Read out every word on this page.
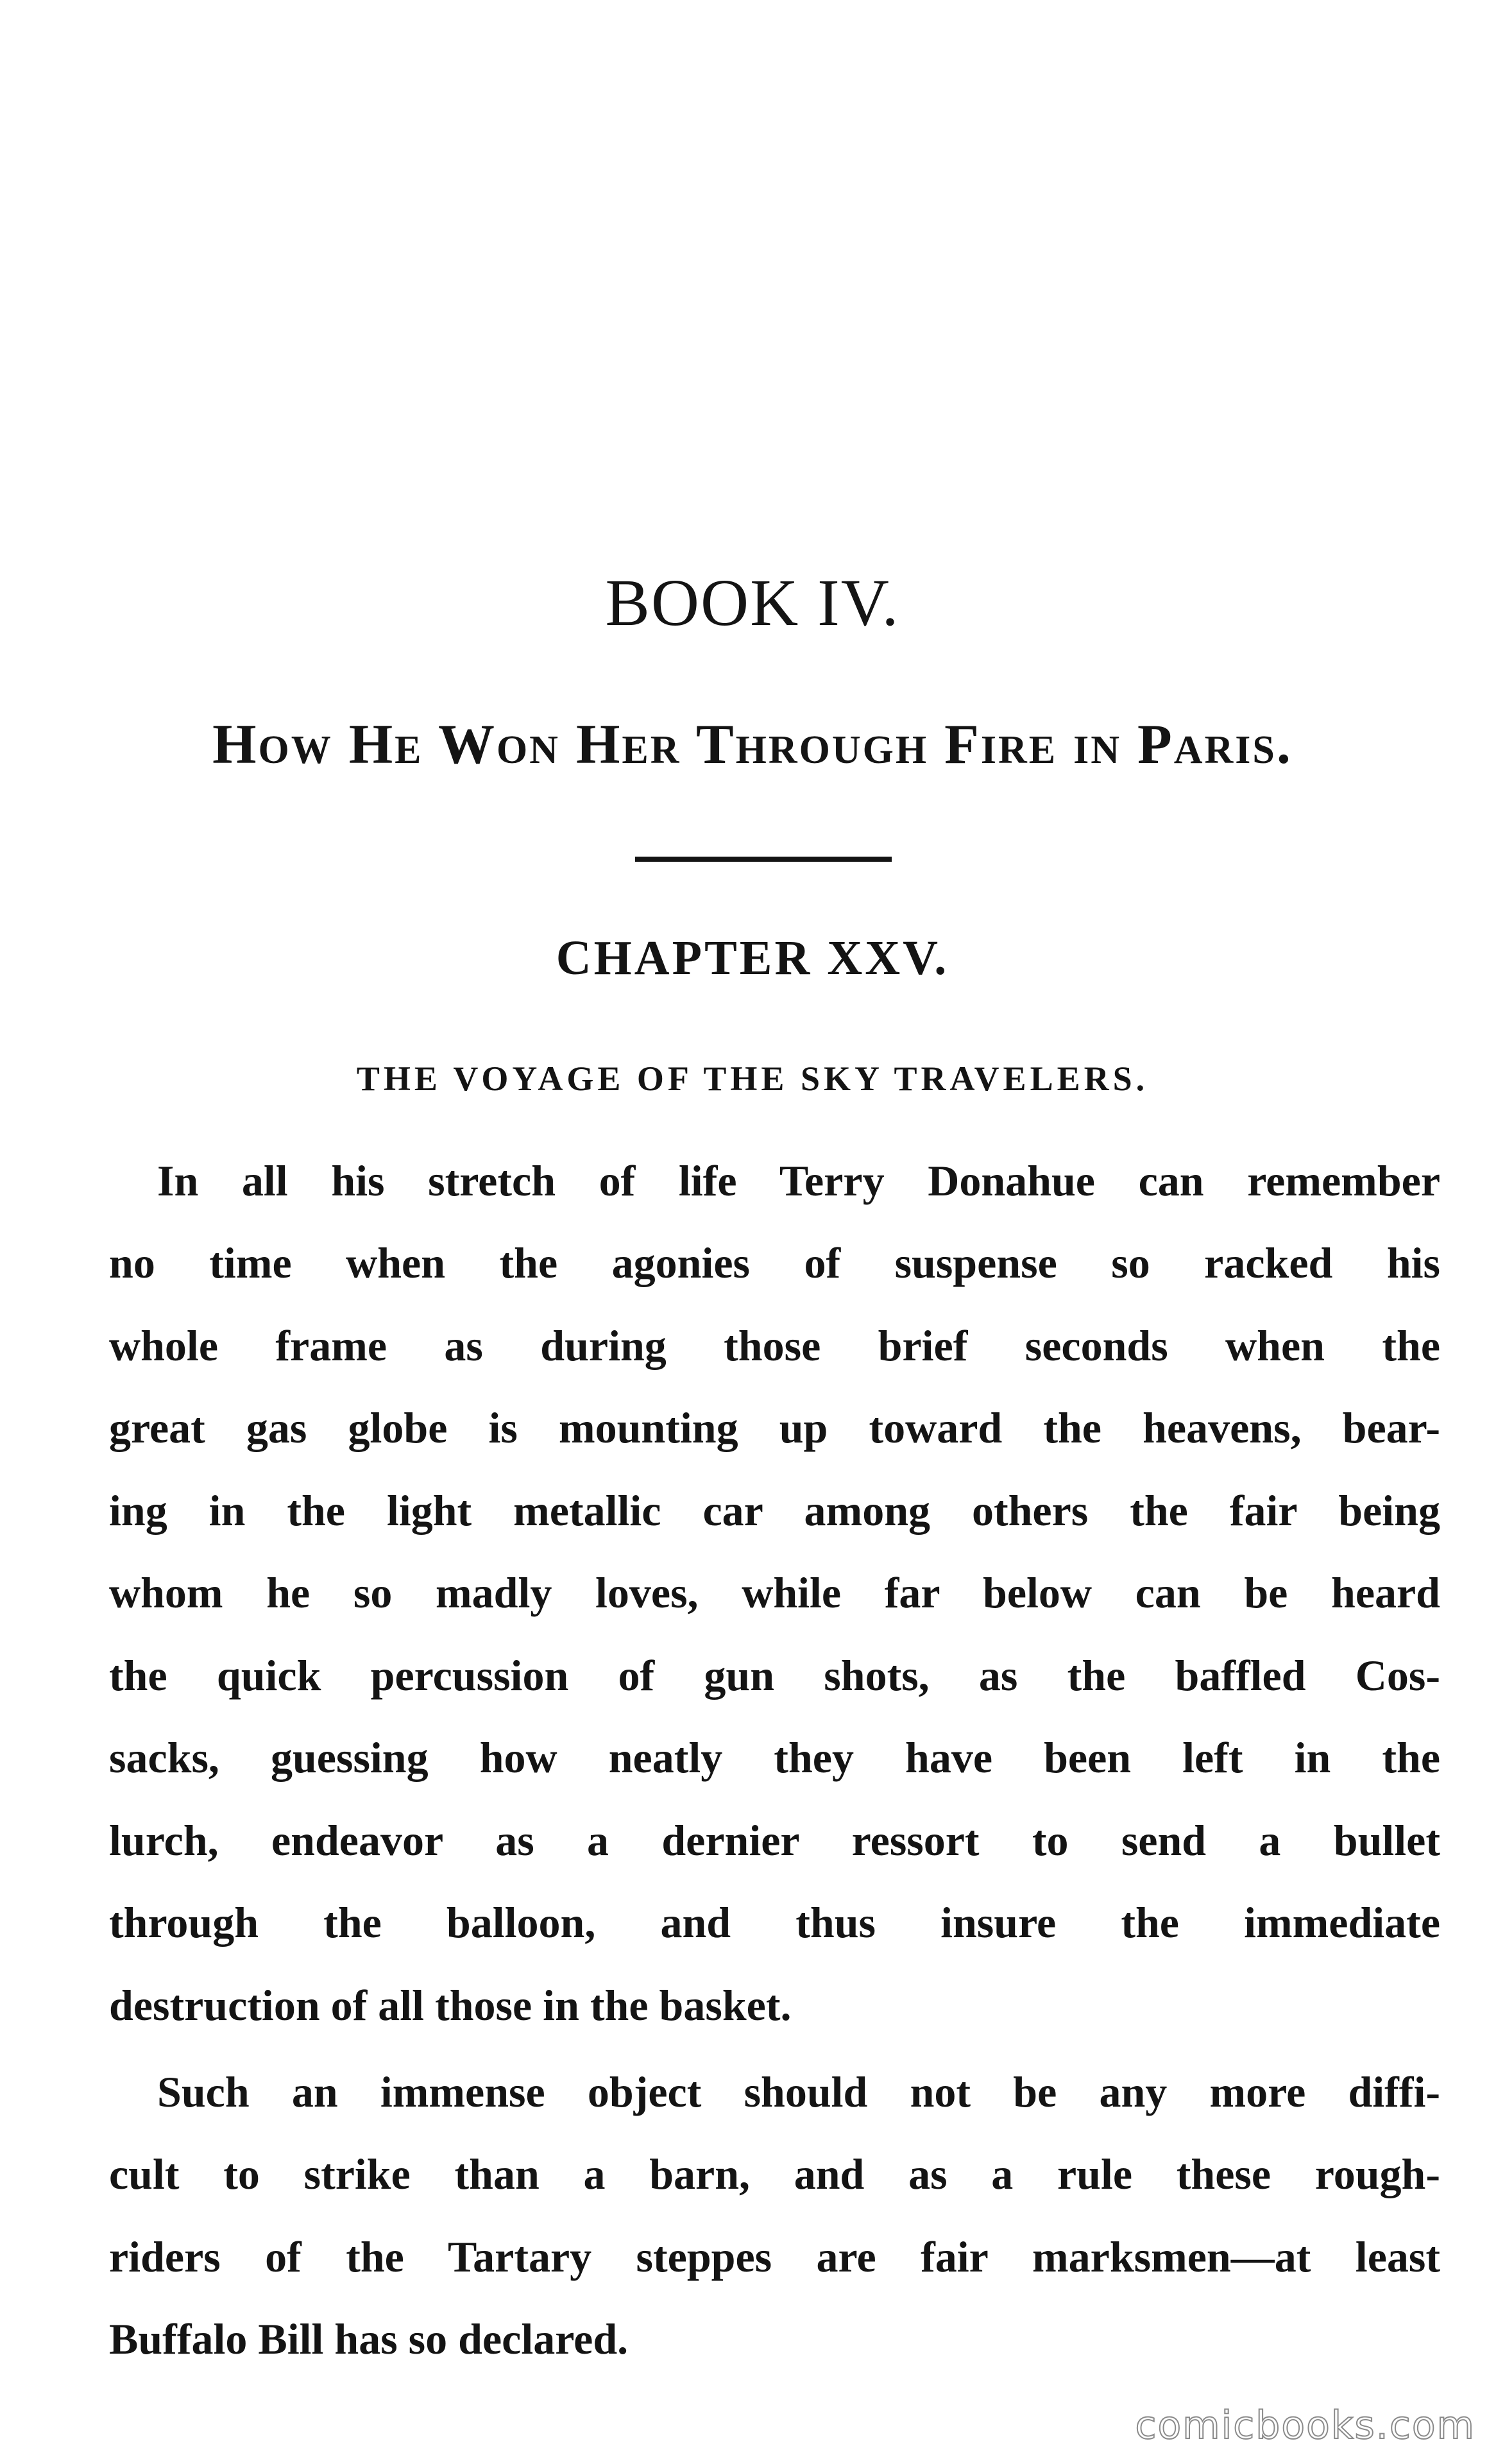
BOOK IV.
How He Won Her Through Fire in Paris.
CHAPTER XXV.
THE VOYAGE OF THE SKY TRAVELERS.
In all his stretch of life Terry Donahue can remember
no time when the agonies of suspense so racked his
whole frame as during those brief seconds when the
great gas globe is mounting up toward the heavens, bear-
ing in the light metallic car among others the fair being
whom he so madly loves, while far below can be heard
the quick percussion of gun shots, as the baffled Cos-
sacks, guessing how neatly they have been left in the
lurch, endeavor as a dernier ressort to send a bullet
through the balloon, and thus insure the immediate
destruction of all those in the basket.
Such an immense object should not be any more diffi-
cult to strike than a barn, and as a rule these rough-
riders of the Tartary steppes are fair marksmen—at least
Buffalo Bill has so declared.
comicbooks.com
